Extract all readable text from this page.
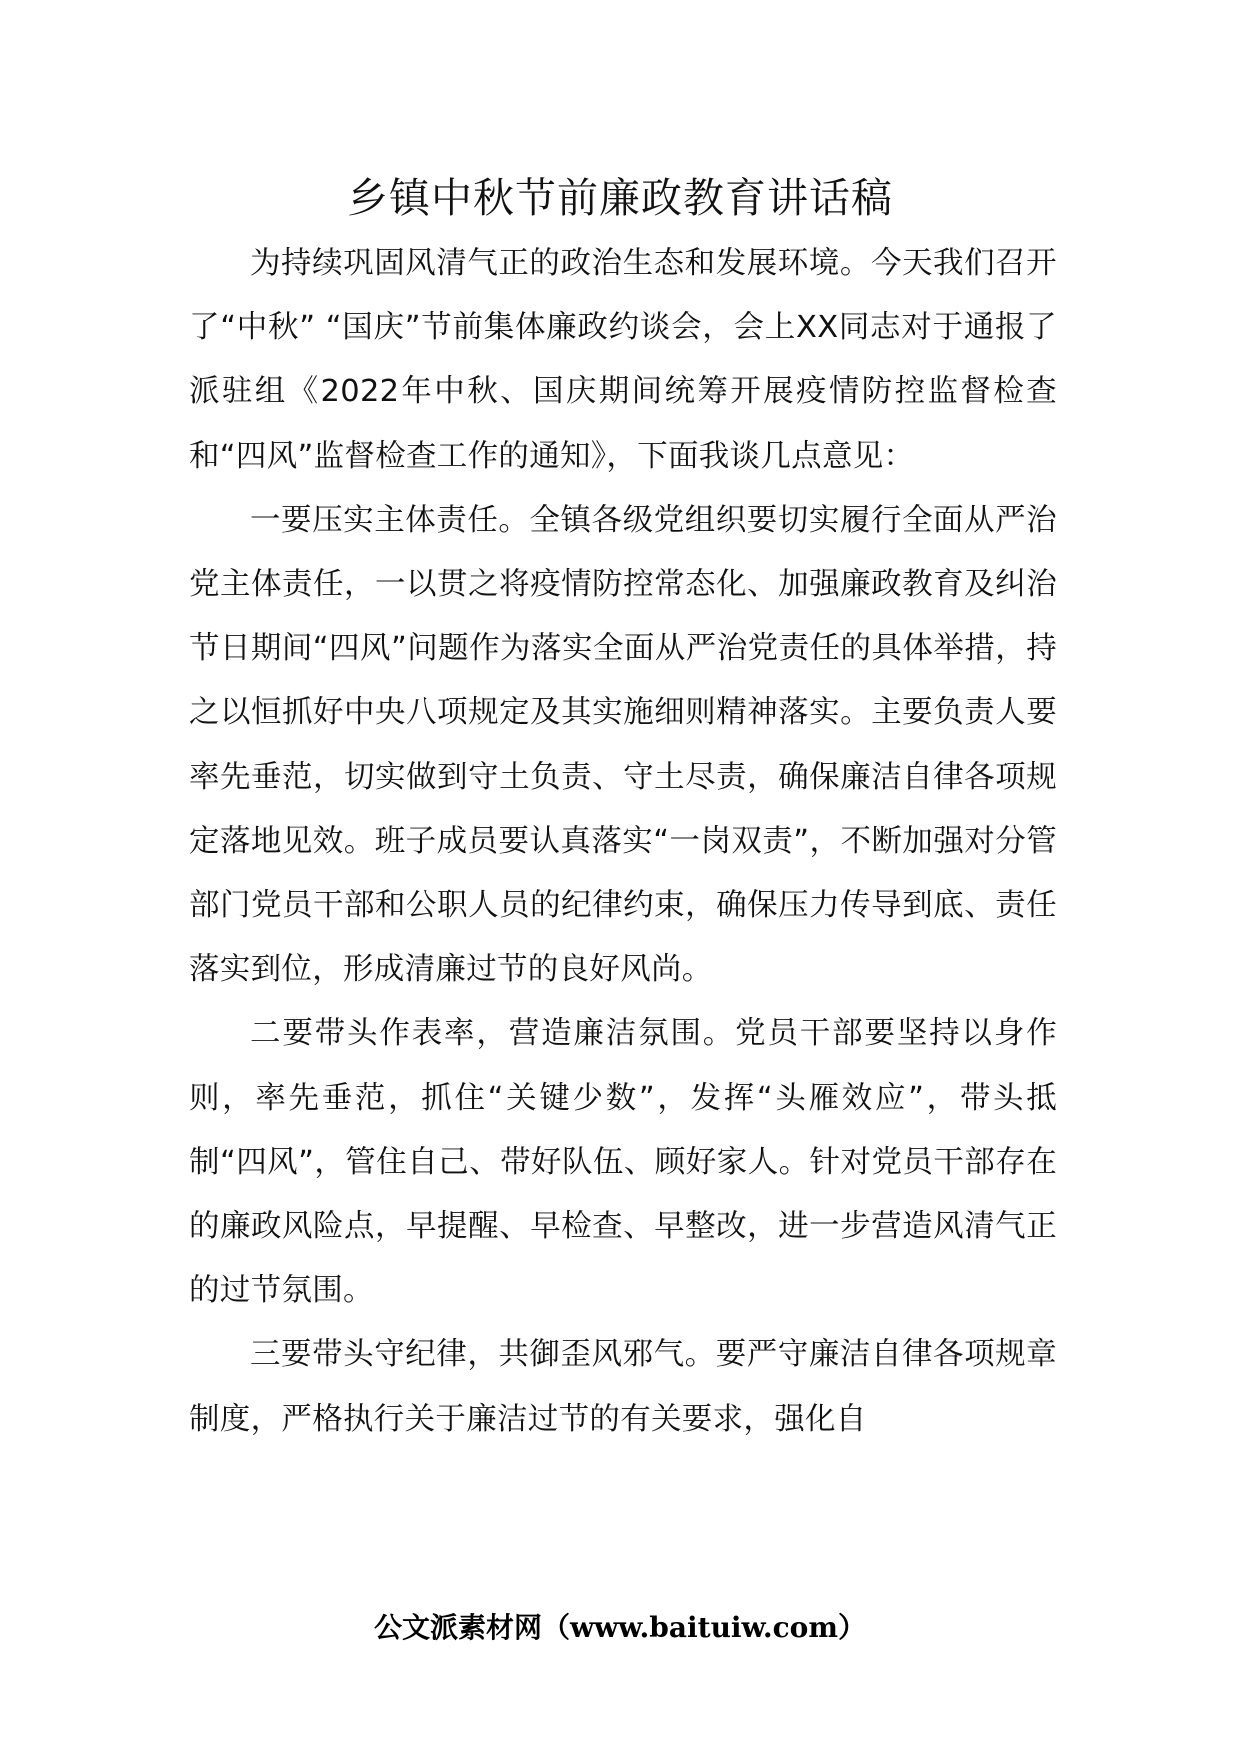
乡镇中秋节前廉政教育讲话稿

为持续巩固风清气正的政治生态和发展环境。今天我们召开了“中秋” “国庆”节前集体廉政约谈会，会上XX同志对于通报了派驻组《2022年中秋、国庆期间统筹开展疫情防控监督检查和“四风”监督检查工作的通知》，下面我谈几点意见：

一要压实主体责任。全镇各级党组织要切实履行全面从严治党主体责任，一以贯之将疫情防控常态化、加强廉政教育及纠治节日期间“四风”问题作为落实全面从严治党责任的具体举措，持之以恒抓好中央八项规定及其实施细则精神落实。主要负责人要率先垂范，切实做到守土负责、守土尽责，确保廉洁自律各项规定落地见效。班子成员要认真落实“一岗双责”，不断加强对分管部门党员干部和公职人员的纪律约束，确保压力传导到底、责任落实到位，形成清廉过节的良好风尚。

二要带头作表率，营造廉洁氛围。党员干部要坚持以身作则，率先垂范，抓住“关键少数”，发挥“头雁效应”，带头抵制“四风”，管住自己、带好队伍、顾好家人。针对党员干部存在的廉政风险点，早提醒、早检查、早整改，进一步营造风清气正的过节氛围。

三要带头守纪律，共御歪风邪气。要严守廉洁自律各项规章制度，严格执行关于廉洁过节的有关要求，强化自

公文派素材网（www.baituiw.com）
